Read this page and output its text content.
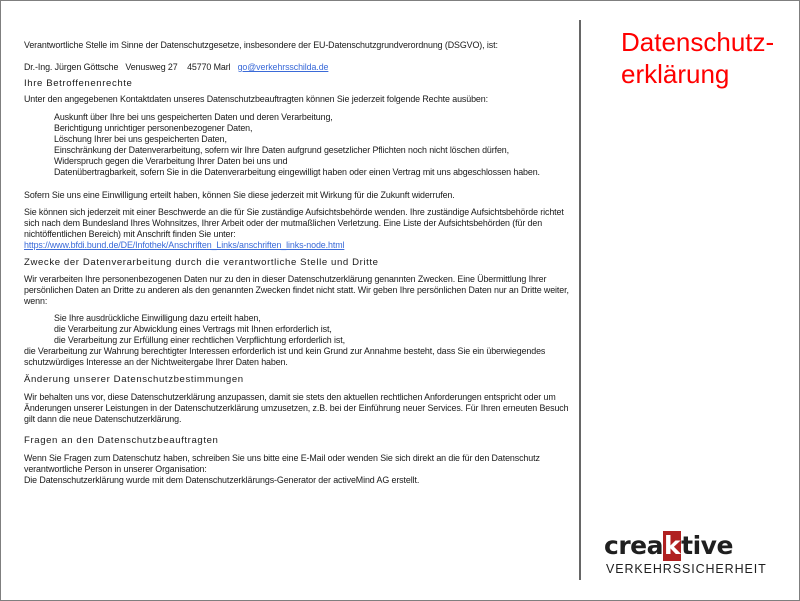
Datenschutz-
erklärung

Verantwortliche Stelle im Sinne der Datenschutzgesetze, insbesondere der EU-Datenschutzgrundverordnung (DSGVO), ist:

Dr.-Ing. Jürgen Göttsche Venusweg 27 45770 Marl go@verkehrsschilda.de

Ihre Betroffenenrechte

Unter den angegebenen Kontaktdaten unseres Datenschutzbeauftragten können Sie jederzeit folgende Rechte ausüben:

Auskunft über Ihre bei uns gespeicherten Daten und deren Verarbeitung,
Berichtigung unrichtiger personenbezogener Daten,
Löschung Ihrer bei uns gespeicherten Daten,
Einschränkung der Datenverarbeitung, sofern wir Ihre Daten aufgrund gesetzlicher Pflichten noch nicht löschen dürfen,
Widerspruch gegen die Verarbeitung Ihrer Daten bei uns und
Datenübertragbarkeit, sofern Sie in die Datenverarbeitung eingewilligt haben oder einen Vertrag mit uns abgeschlossen haben.

Sofern Sie uns eine Einwilligung erteilt haben, können Sie diese jederzeit mit Wirkung für die Zukunft widerrufen.

Sie können sich jederzeit mit einer Beschwerde an die für Sie zuständige Aufsichtsbehörde wenden. Ihre zuständige Aufsichtsbehörde richtet sich nach dem Bundesland Ihres Wohnsitzes, Ihrer Arbeit oder der mutmaßlichen Verletzung. Eine Liste der Aufsichtsbehörden (für den nichtöffentlichen Bereich) mit Anschrift finden Sie unter:

https://www.bfdi.bund.de/DE/Infothek/Anschriften_Links/anschriften_links-node.html

Zwecke der Datenverarbeitung durch die verantwortliche Stelle und Dritte

Wir verarbeiten Ihre personenbezogenen Daten nur zu den in dieser Datenschutzerklärung genannten Zwecken. Eine Übermittlung Ihrer persönlichen Daten an Dritte zu anderen als den genannten Zwecken findet nicht statt. Wir geben Ihre persönlichen Daten nur an Dritte weiter, wenn:

Sie Ihre ausdrückliche Einwilligung dazu erteilt haben,
die Verarbeitung zur Abwicklung eines Vertrags mit Ihnen erforderlich ist,
die Verarbeitung zur Erfüllung einer rechtlichen Verpflichtung erforderlich ist,

die Verarbeitung zur Wahrung berechtigter Interessen erforderlich ist und kein Grund zur Annahme besteht, dass Sie ein überwiegendes schutzwürdiges Interesse an der Nichtweitergabe Ihrer Daten haben.

Änderung unserer Datenschutzbestimmungen

Wir behalten uns vor, diese Datenschutzerklärung anzupassen, damit sie stets den aktuellen rechtlichen Anforderungen entspricht oder um Änderungen unserer Leistungen in der Datenschutzerklärung umzusetzen, z.B. bei der Einführung neuer Services. Für Ihren erneuten Besuch gilt dann die neue Datenschutzerklärung.

Fragen an den Datenschutzbeauftragten

Wenn Sie Fragen zum Datenschutz haben, schreiben Sie uns bitte eine E-Mail oder wenden Sie sich direkt an die für den Datenschutz verantwortliche Person in unserer Organisation:

Die Datenschutzerklärung wurde mit dem Datenschutzerklärungs-Generator der activeMind AG erstellt.

creaktive
VERKEHRSSICHERHEIT
